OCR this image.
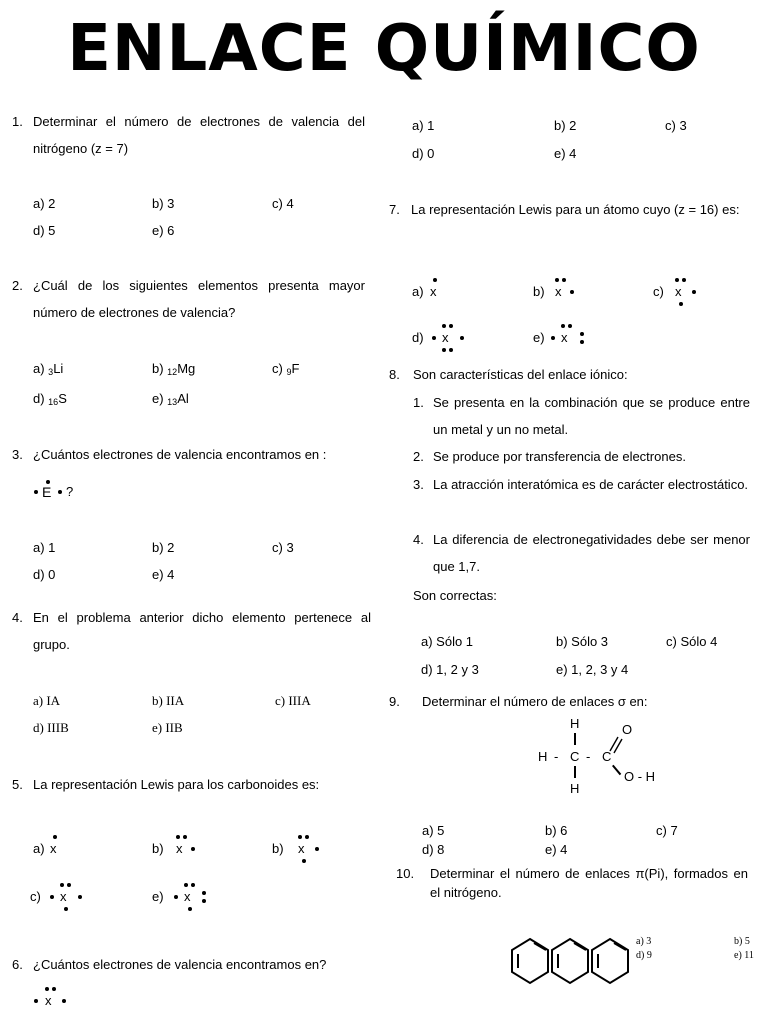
ENLACE QUÍMICO
1. Determinar el número de electrones de valencia del nitrógeno (z = 7)
a) 2	b) 3	c) 4
d) 5	e) 6
2. ¿Cuál de los siguientes elementos presenta mayor número de electrones de valencia?
a) $_3$Li	b) $_{12}$Mg	c) $_9$F
d) $_{16}$S	e) $_{13}$Al
3. ¿Cuántos electrones de valencia encontramos en :
E ?
a) 1	b) 2	c) 3
d) 0	e) 4
4. En el problema anterior dicho elemento pertenece al grupo.
a) IA	b) IIA	c) IIIA
d) IIIB	e) IIB
5. La representación Lewis para los carbonoides es:
a) x	b) x	b) x
c) x	e) x
6. ¿Cuántos electrones de valencia encontramos en?
x
a) 1	b) 2	c) 3
d) 0	e) 4
7. La representación Lewis para un átomo cuyo (z = 16) es:
a) x	b) x	c) x
d) x	e) x
8. Son características del enlace iónico:
1. Se presenta en la combinación que se produce entre un metal y un no metal.
2. Se produce por transferencia de electrones.
3. La atracción interatómica es de carácter electrostático.
4. La diferencia de electronegatividades debe ser menor que 1,7.
Son correctas:
a) Sólo 1	b) Sólo 3	c) Sólo 4
d) 1, 2 y 3	e) 1, 2, 3 y 4
9. Determinar el número de enlaces σ en:
H	O
H - C - C
O - H
H
a) 5	b) 6	c) 7
d) 8	e) 4
10. Determinar el número de enlaces π(Pi), formados en el nitrógeno.
a) 3	b) 5
d) 9	e) 11
